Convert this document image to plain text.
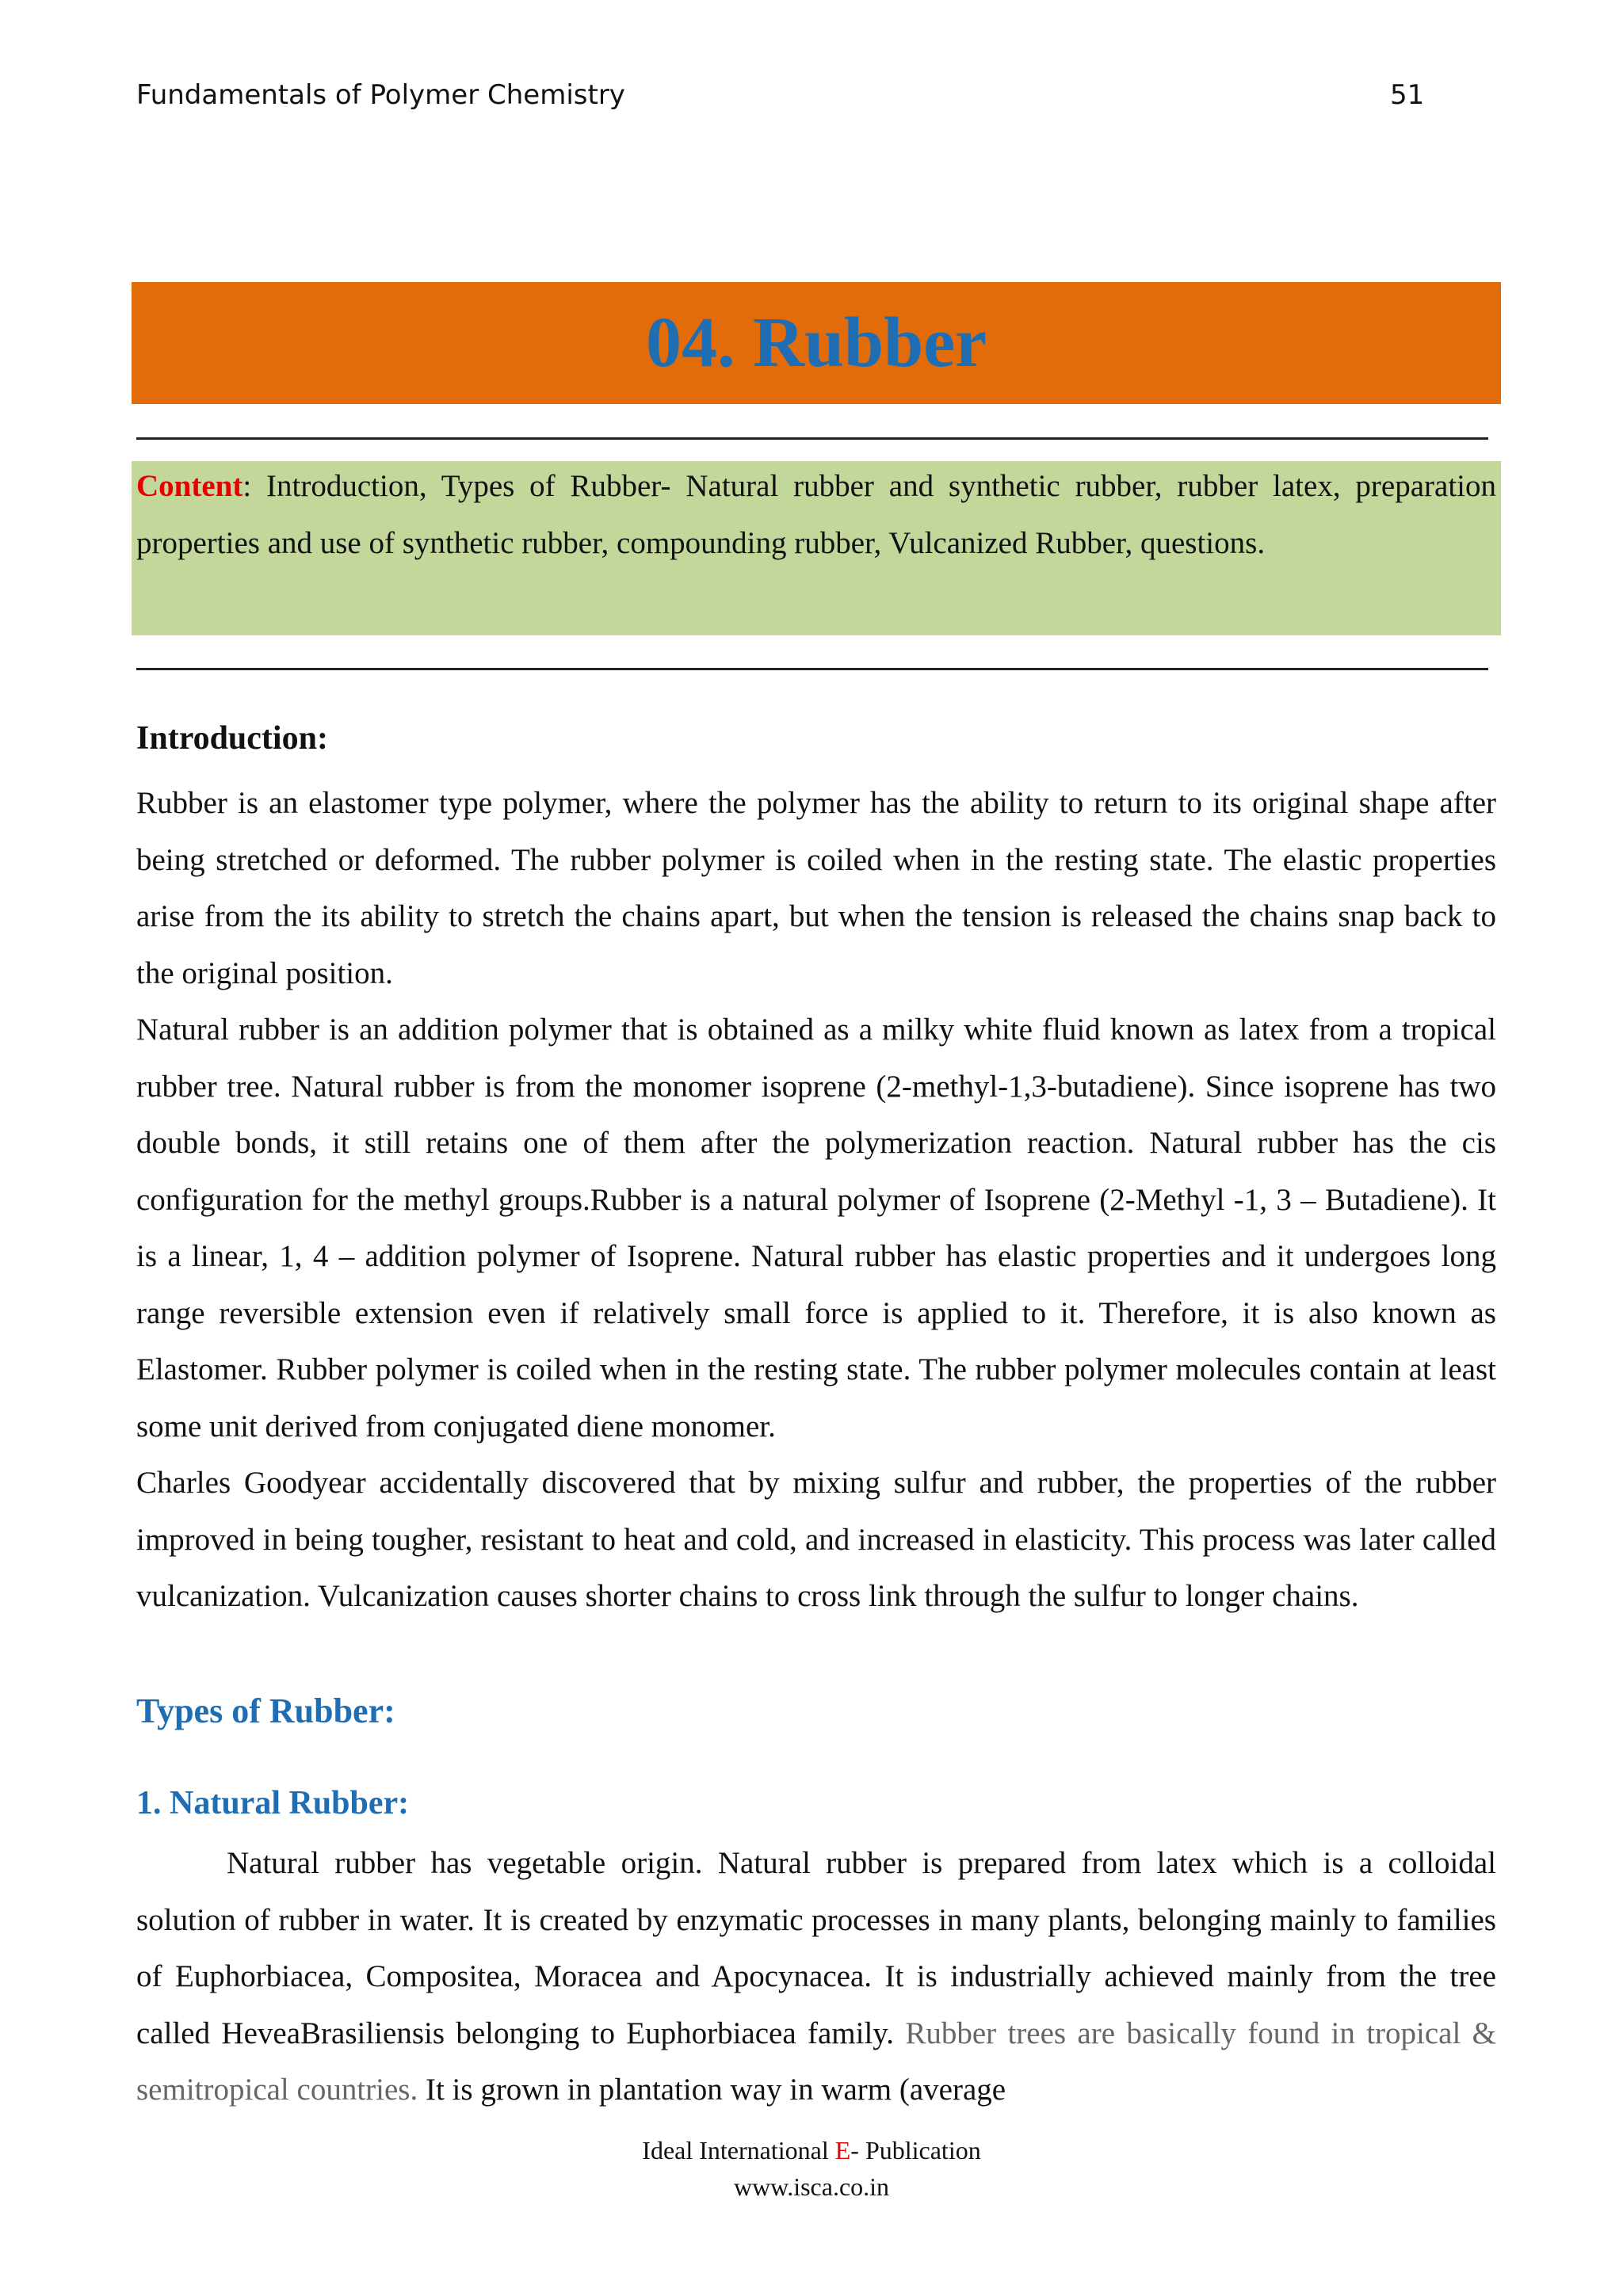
Fundamentals of Polymer Chemistry	51
04. Rubber
Content: Introduction, Types of Rubber- Natural rubber and synthetic rubber, rubber latex, preparation properties and use of synthetic rubber, compounding rubber, Vulcanized Rubber, questions.
Introduction:

Rubber is an elastomer type polymer, where the polymer has the ability to return to its original shape after being stretched or deformed. The rubber polymer is coiled when in the resting state. The elastic properties arise from the its ability to stretch the chains apart, but when the tension is released the chains snap back to the original position.

Natural rubber is an addition polymer that is obtained as a milky white fluid known as latex from a tropical rubber tree. Natural rubber is from the monomer isoprene (2-methyl-1,3-butadiene). Since isoprene has two double bonds, it still retains one of them after the polymerization reaction. Natural rubber has the cis configuration for the methyl groups.Rubber is a natural polymer of Isoprene (2-Methyl -1, 3 – Butadiene). It is a linear, 1, 4 – addition polymer of Isoprene. Natural rubber has elastic properties and it undergoes long range reversible extension even if relatively small force is applied to it. Therefore, it is also known as Elastomer. Rubber polymer is coiled when in the resting state. The rubber polymer molecules contain at least some unit derived from conjugated diene monomer.

Charles Goodyear accidentally discovered that by mixing sulfur and rubber, the properties of the rubber improved in being tougher, resistant to heat and cold, and increased in elasticity. This process was later called vulcanization. Vulcanization causes shorter chains to cross link through the sulfur to longer chains.

Types of Rubber:
1. Natural Rubber:

Natural rubber has vegetable origin. Natural rubber is prepared from latex which is a colloidal solution of rubber in water. It is created by enzymatic processes in many plants, belonging mainly to families of Euphorbiacea, Compositea, Moracea and Apocynacea. It is industrially achieved mainly from the tree called HeveaBrasiliensis belonging to Euphorbiacea family. Rubber trees are basically found in tropical & semitropical countries. It is grown in plantation way in warm (average

Ideal International E- Publication
www.isca.co.in
